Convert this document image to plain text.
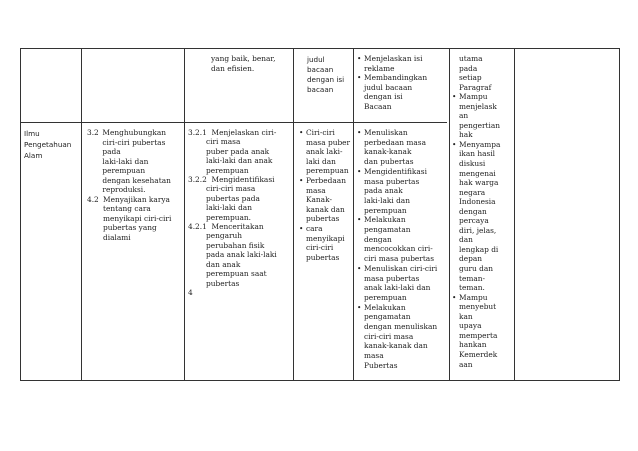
yang baik, benar,
dan efisien.
judul
bacaan
dengan isi
bacaan
• Menjelaskan isi
reklame
• Membandingkan
judul bacaan
dengan isi
Bacaan
utama
pada
setiap
Paragraf
• Mampu
menjelask
an
pengertian
hak
• Menyampa
ikan hasil
diskusi
mengenai
hak warga
negara
Indonesia
dengan
percaya
diri, jelas,
dan
lengkap di
depan
guru dan
teman-
teman.
• Mampu
menyebut
kan
upaya
memperta
hankan
Kemerdek
aan
Ilmu
Pengetahuan
Alam
3.2 Menghubungkan
ciri-ciri pubertas pada
laki-laki dan
perempuan
dengan kesehatan
reproduksi.
4.2 Menyajikan karya
tentang cara
menyikapi ciri-ciri
pubertas yang
dialami
3.2.1 Menjelaskan ciri-
ciri masa
puber pada anak
laki-laki dan anak
perempuan
3.2.2 Mengidentifikasi
ciri-ciri masa
pubertas pada
laki-laki dan
perempuan.
4.2.1 Menceritakan
pengaruh
perubahan fisik
pada anak laki-laki
dan anak
perempuan saat
pubertas
4
• Ciri-ciri
masa puber
anak laki-
laki dan
perempuan
• Perbedaan
masa
Kanak-
kanak dan
pubertas
• cara
menyikapi
ciri-ciri
pubertas
• Menuliskan
perbedaan masa
kanak-kanak
dan pubertas
• Mengidentifikasi
masa pubertas
pada anak
laki-laki dan
perempuan
• Melakukan
pengamatan
dengan
mencocokkan ciri-
ciri masa pubertas
• Menuliskan ciri-ciri
masa pubertas
anak laki-laki dan
perempuan
• Melakukan
pengamatan
dengan menuliskan
ciri-ciri masa
kanak-kanak dan
masa
Pubertas
